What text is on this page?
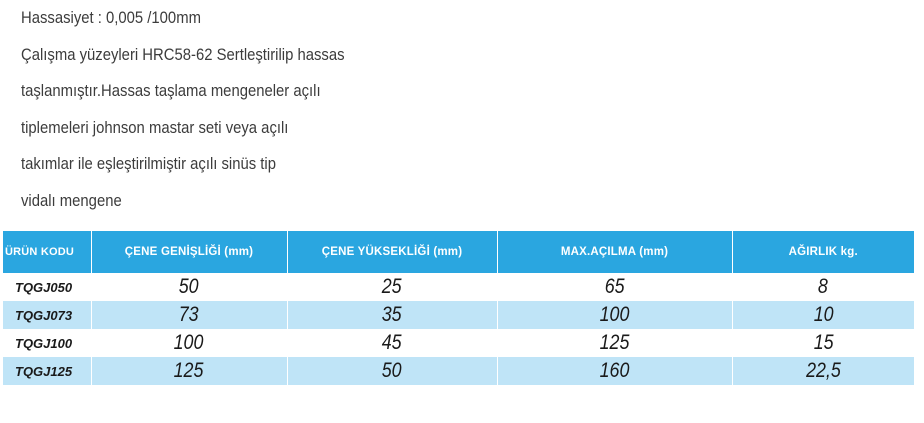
Hassasiyet : 0,005 /100mm
Çalışma yüzeyleri HRC58-62 Sertleştirilip hassas
taşlanmıştır.Hassas taşlama mengeneler açılı
tiplemeleri johnson mastar seti veya açılı
takımlar ile eşleştirilmiştir açılı sinüs tip
vidalı mengene
ÜRÜN KODU	ÇENE GENİŞLİĞİ (mm)	ÇENE YÜKSEKLİĞİ (mm)	MAX.AÇILMA (mm)	AĞIRLIK kg.
TQGJ050	50	25	65	8
TQGJ073	73	35	100	10
TQGJ100	100	45	125	15
TQGJ125	125	50	160	22,5
